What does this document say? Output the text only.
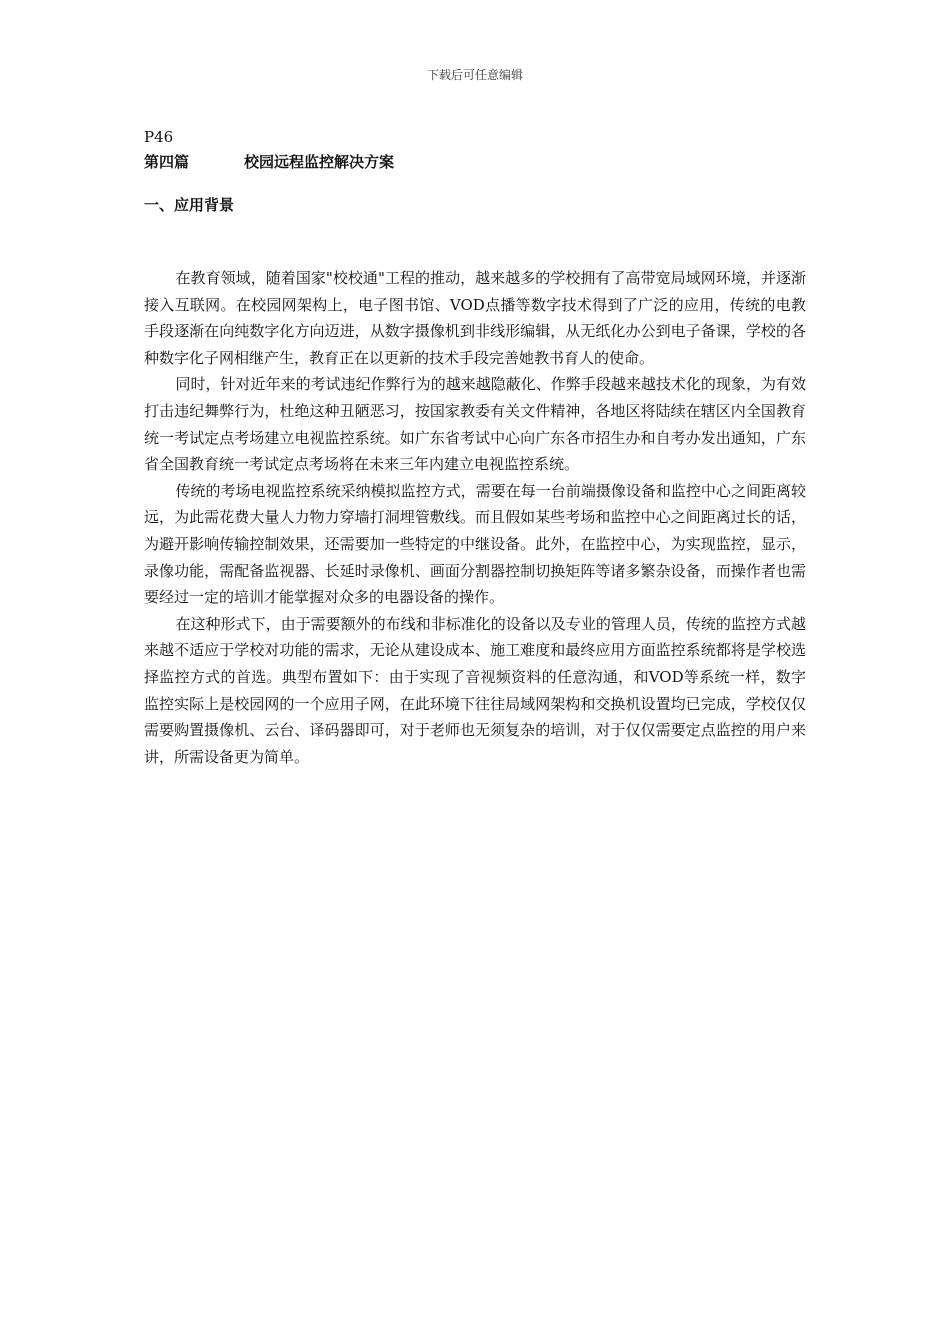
下载后可任意编辑
P46
第四篇	校园远程监控解决方案
一、应用背景

在教育领域，随着国家"校校通"工程的推动，越来越多的学校拥有了高带宽局域网环境，并逐渐接入互联网。在校园网架构上，电子图书馆、VOD点播等数字技术得到了广泛的应用，传统的电教手段逐渐在向纯数字化方向迈进，从数字摄像机到非线形编辑，从无纸化办公到电子备课，学校的各种数字化子网相继产生，教育正在以更新的技术手段完善她教书育人的使命。

同时，针对近年来的考试违纪作弊行为的越来越隐蔽化、作弊手段越来越技术化的现象，为有效打击违纪舞弊行为，杜绝这种丑陋恶习，按国家教委有关文件精神，各地区将陆续在辖区内全国教育统一考试定点考场建立电视监控系统。如广东省考试中心向广东各市招生办和自考办发出通知，广东省全国教育统一考试定点考场将在未来三年内建立电视监控系统。

传统的考场电视监控系统采纳模拟监控方式，需要在每一台前端摄像设备和监控中心之间距离较远，为此需花费大量人力物力穿墙打洞埋管敷线。而且假如某些考场和监控中心之间距离过长的话，为避开影响传输控制效果，还需要加一些特定的中继设备。此外，在监控中心，为实现监控，显示，录像功能，需配备监视器、长延时录像机、画面分割器控制切换矩阵等诸多繁杂设备，而操作者也需要经过一定的培训才能掌握对众多的电器设备的操作。

在这种形式下，由于需要额外的布线和非标准化的设备以及专业的管理人员，传统的监控方式越来越不适应于学校对功能的需求，无论从建设成本、施工难度和最终应用方面监控系统都将是学校选择监控方式的首选。典型布置如下：由于实现了音视频资料的任意沟通，和VOD等系统一样，数字监控实际上是校园网的一个应用子网，在此环境下往往局域网架构和交换机设置均已完成，学校仅仅需要购置摄像机、云台、译码器即可，对于老师也无须复杂的培训，对于仅仅需要定点监控的用户来讲，所需设备更为简单。
